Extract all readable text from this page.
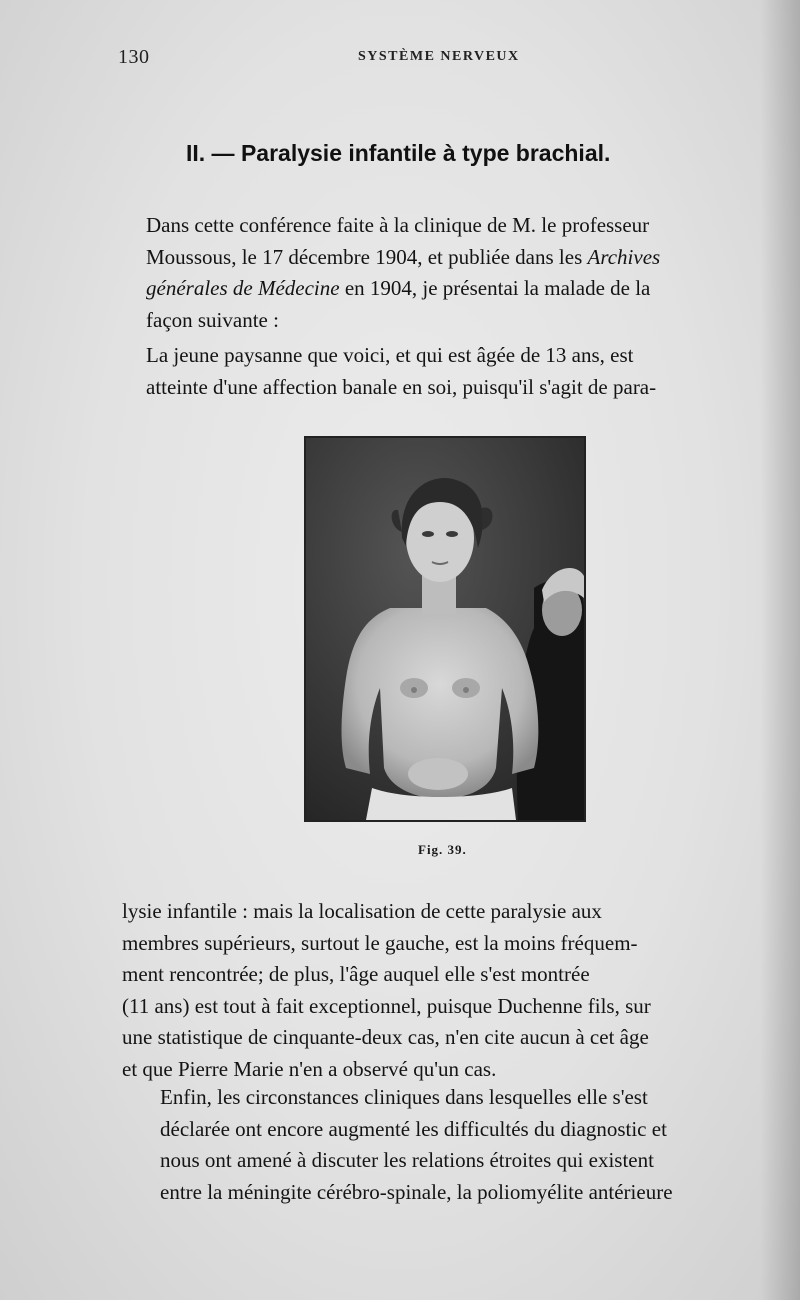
130	SYSTÈME NERVEUX
II. — Paralysie infantile à type brachial.
Dans cette conférence faite à la clinique de M. le professeur
Moussous, le 17 décembre 1904, et publiée dans les Archives
générales de Médecine en 1904, je présentai la malade de la
façon suivante :
La jeune paysanne que voici, et qui est âgée de 13 ans, est
atteinte d'une affection banale en soi, puisqu'il s'agit de para-
Fig. 39.
lysie infantile : mais la localisation de cette paralysie aux
membres supérieurs, surtout le gauche, est la moins fréquem-
ment rencontrée; de plus, l'âge auquel elle s'est montrée
(11 ans) est tout à fait exceptionnel, puisque Duchenne fils, sur
une statistique de cinquante-deux cas, n'en cite aucun à cet âge
et que Pierre Marie n'en a observé qu'un cas.
Enfin, les circonstances cliniques dans lesquelles elle s'est
déclarée ont encore augmenté les difficultés du diagnostic et
nous ont amené à discuter les relations étroites qui existent
entre la méningite cérébro-spinale, la poliomyélite antérieure
